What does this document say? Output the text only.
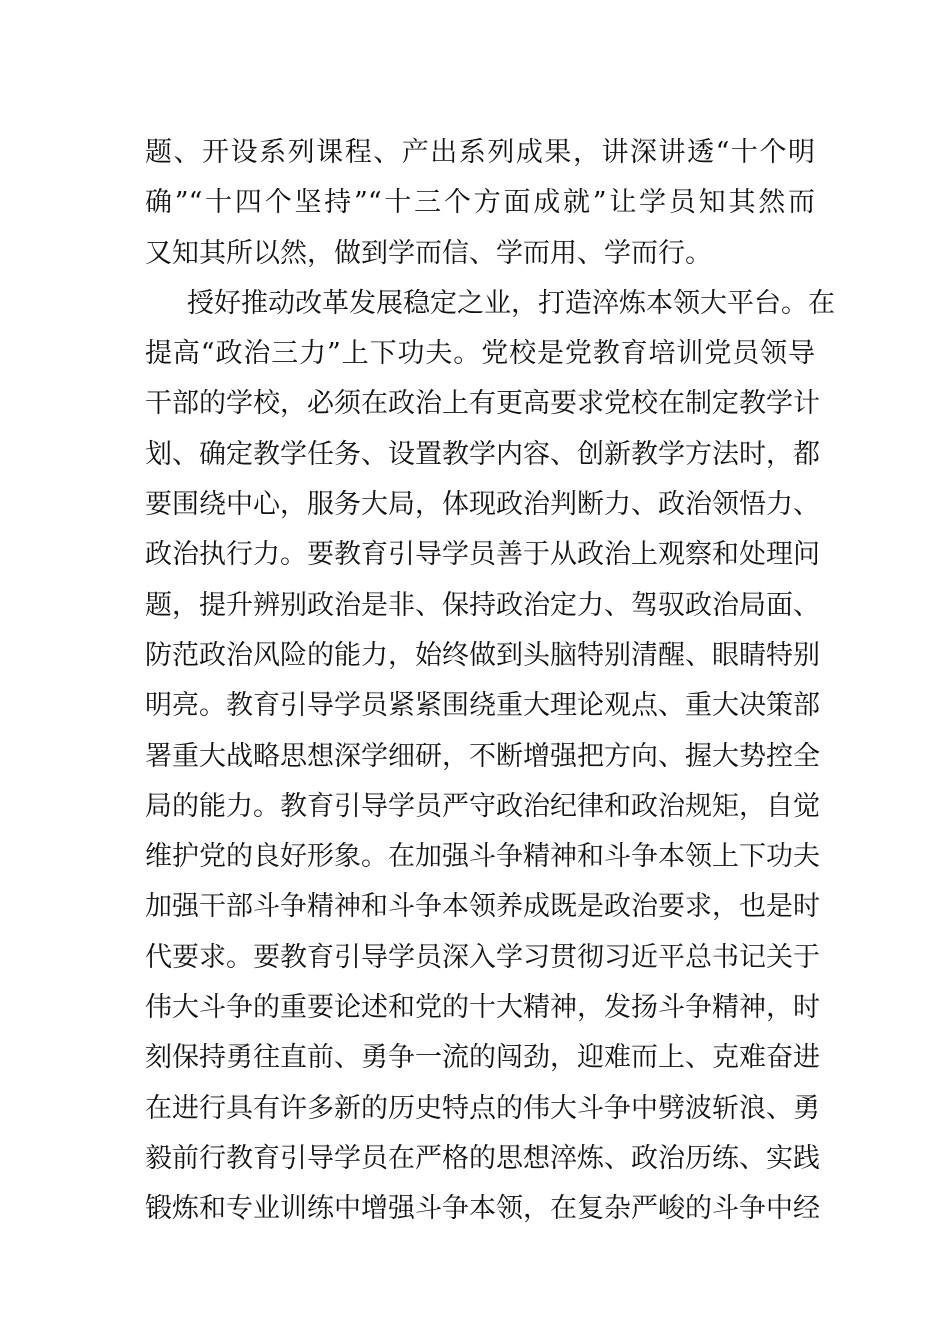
题、开设系列课程、产出系列成果，讲深讲透“十个明
确”“十四个坚持”“十三个方面成就”让学员知其然而
又知其所以然，做到学而信、学而用、学而行。
授好推动改革发展稳定之业，打造淬炼本领大平台。在
提高“政治三力”上下功夫。党校是党教育培训党员领导
干部的学校，必须在政治上有更高要求党校在制定教学计
划、确定教学任务、设置教学内容、创新教学方法时，都
要围绕中心，服务大局，体现政治判断力、政治领悟力、
政治执行力。要教育引导学员善于从政治上观察和处理问
题，提升辨别政治是非、保持政治定力、驾驭政治局面、
防范政治风险的能力，始终做到头脑特别清醒、眼睛特别
明亮。教育引导学员紧紧围绕重大理论观点、重大决策部
署重大战略思想深学细研，不断增强把方向、握大势控全
局的能力。教育引导学员严守政治纪律和政治规矩，自觉
维护党的良好形象。在加强斗争精神和斗争本领上下功夫
加强干部斗争精神和斗争本领养成既是政治要求，也是时
代要求。要教育引导学员深入学习贯彻习近平总书记关于
伟大斗争的重要论述和党的十大精神，发扬斗争精神，时
刻保持勇往直前、勇争一流的闯劲，迎难而上、克难奋进
在进行具有许多新的历史特点的伟大斗争中劈波斩浪、勇
毅前行教育引导学员在严格的思想淬炼、政治历练、实践
锻炼和专业训练中增强斗争本领，在复杂严峻的斗争中经
